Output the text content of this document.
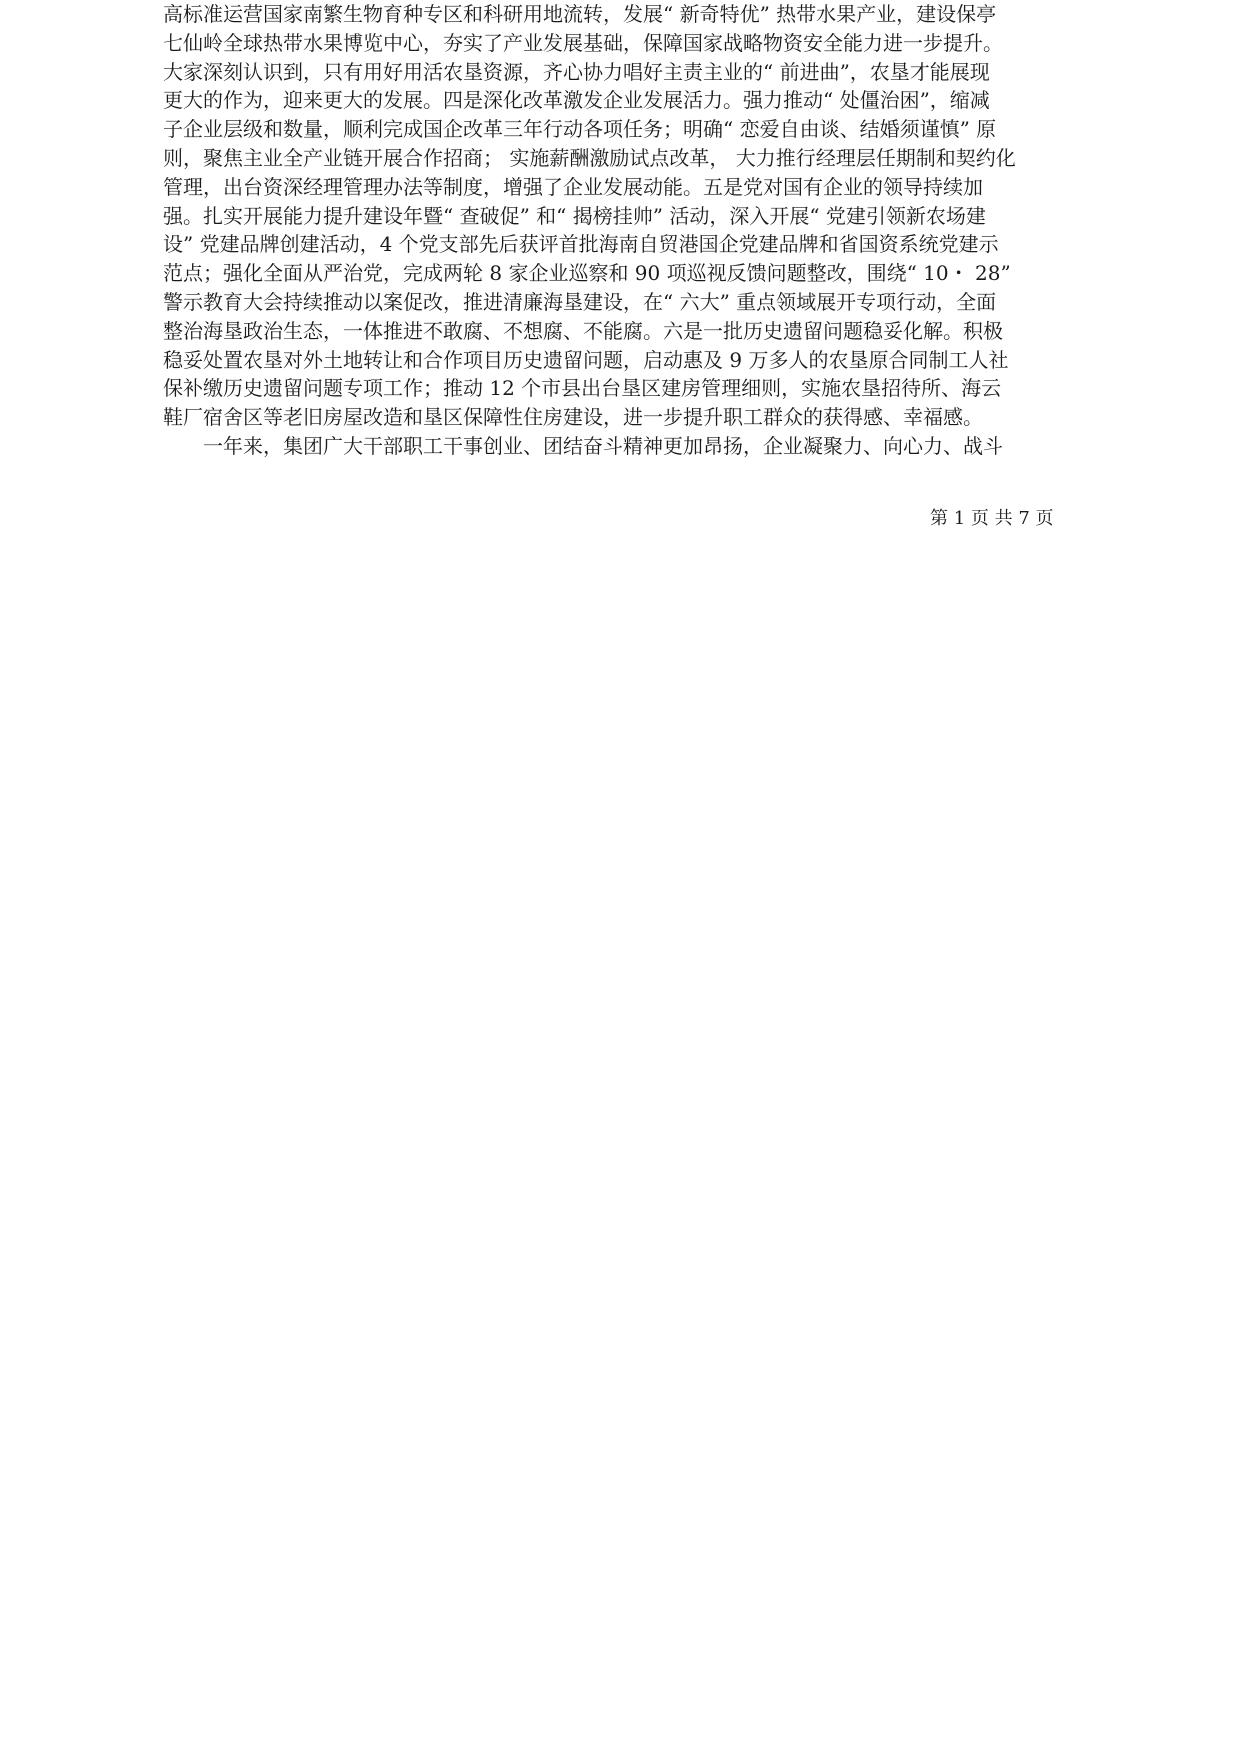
高标准运营国家南繁生物育种专区和科研用地流转，发展“ 新奇特优” 热带水果产业，建设保亭
七仙岭全球热带水果博览中心，夯实了产业发展基础，保障国家战略物资安全能力进一步提升。
大家深刻认识到，只有用好用活农垦资源，齐心协力唱好主责主业的“ 前进曲”，农垦才能展现
更大的作为，迎来更大的发展。四是深化改革激发企业发展活力。强力推动“ 处僵治困”，缩减
子企业层级和数量，顺利完成国企改革三年行动各项任务；明确“ 恋爱自由谈、结婚须谨慎” 原
则，聚焦主业全产业链开展合作招商； 实施薪酬激励试点改革， 大力推行经理层任期制和契约化
管理，出台资深经理管理办法等制度，增强了企业发展动能。五是党对国有企业的领导持续加
强。扎实开展能力提升建设年暨“ 查破促” 和“ 揭榜挂帅” 活动，深入开展“ 党建引领新农场建
设” 党建品牌创建活动，4 个党支部先后获评首批海南自贸港国企党建品牌和省国资系统党建示
范点；强化全面从严治党，完成两轮 8 家企业巡察和 90 项巡视反馈问题整改，围绕“ 10・ 28”
警示教育大会持续推动以案促改，推进清廉海垦建设，在“ 六大” 重点领域展开专项行动，全面
整治海垦政治生态，一体推进不敢腐、不想腐、不能腐。六是一批历史遗留问题稳妥化解。积极
稳妥处置农垦对外土地转让和合作项目历史遗留问题，启动惠及 9 万多人的农垦原合同制工人社
保补缴历史遗留问题专项工作；推动 12 个市县出台垦区建房管理细则，实施农垦招待所、海云
鞋厂宿舍区等老旧房屋改造和垦区保障性住房建设，进一步提升职工群众的获得感、幸福感。
一年来，集团广大干部职工干事创业、团结奋斗精神更加昂扬，企业凝聚力、向心力、战斗
第 1 页 共 7 页
